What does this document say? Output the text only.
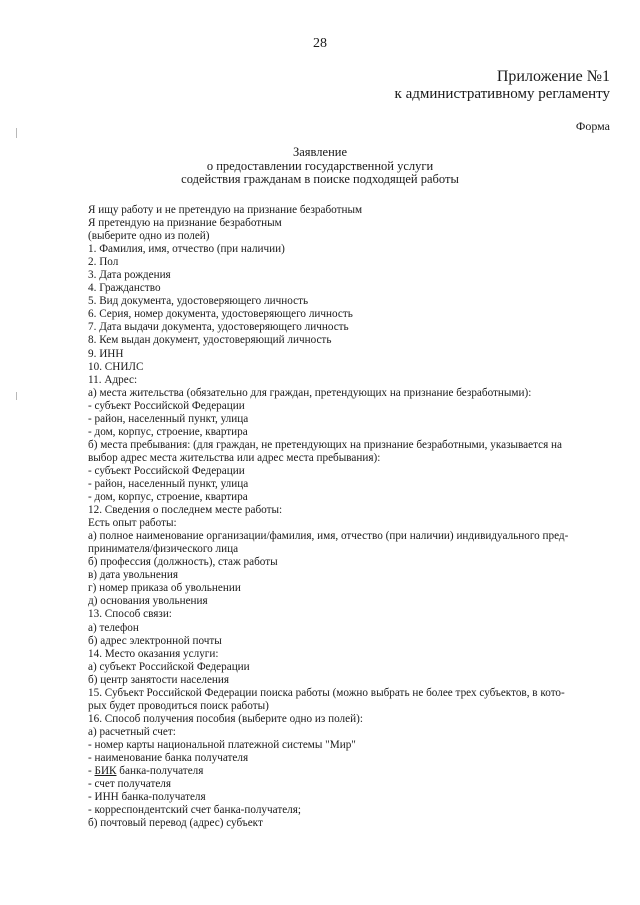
28
Приложение №1
к административному регламенту
Форма
Заявление
о предоставлении государственной услуги
содействия гражданам в поиске подходящей работы
Я ищу работу и не претендую на признание безработным
Я претендую на признание безработным
(выберите одно из полей)
1. Фамилия, имя, отчество (при наличии)
2. Пол
3. Дата рождения
4. Гражданство
5. Вид документа, удостоверяющего личность
6. Серия, номер документа, удостоверяющего личность
7. Дата выдачи документа, удостоверяющего личность
8. Кем выдан документ, удостоверяющий личность
9. ИНН
10. СНИЛС
11. Адрес:
а) места жительства (обязательно для граждан, претендующих на признание безработными):
- субъект Российской Федерации
- район, населенный пункт, улица
- дом, корпус, строение, квартира
б) места пребывания: (для граждан, не претендующих на признание безработными, указывается на
выбор адрес места жительства или адрес места пребывания):
- субъект Российской Федерации
- район, населенный пункт, улица
- дом, корпус, строение, квартира
12. Сведения о последнем месте работы:
Есть опыт работы:
а) полное наименование организации/фамилия, имя, отчество (при наличии) индивидуального пред-
принимателя/физического лица
б) профессия (должность), стаж работы
в) дата увольнения
г) номер приказа об увольнении
д) основания увольнения
13. Способ связи:
а) телефон
б) адрес электронной почты
14. Место оказания услуги:
а) субъект Российской Федерации
б) центр занятости населения
15. Субъект Российской Федерации поиска работы (можно выбрать не более трех субъектов, в кото-
рых будет проводиться поиск работы)
16. Способ получения пособия (выберите одно из полей):
а) расчетный счет:
- номер карты национальной платежной системы "Мир"
- наименование банка получателя
- БИК банка-получателя
- счет получателя
- ИНН банка-получателя
- корреспондентский счет банка-получателя;
б) почтовый перевод (адрес) субъект
